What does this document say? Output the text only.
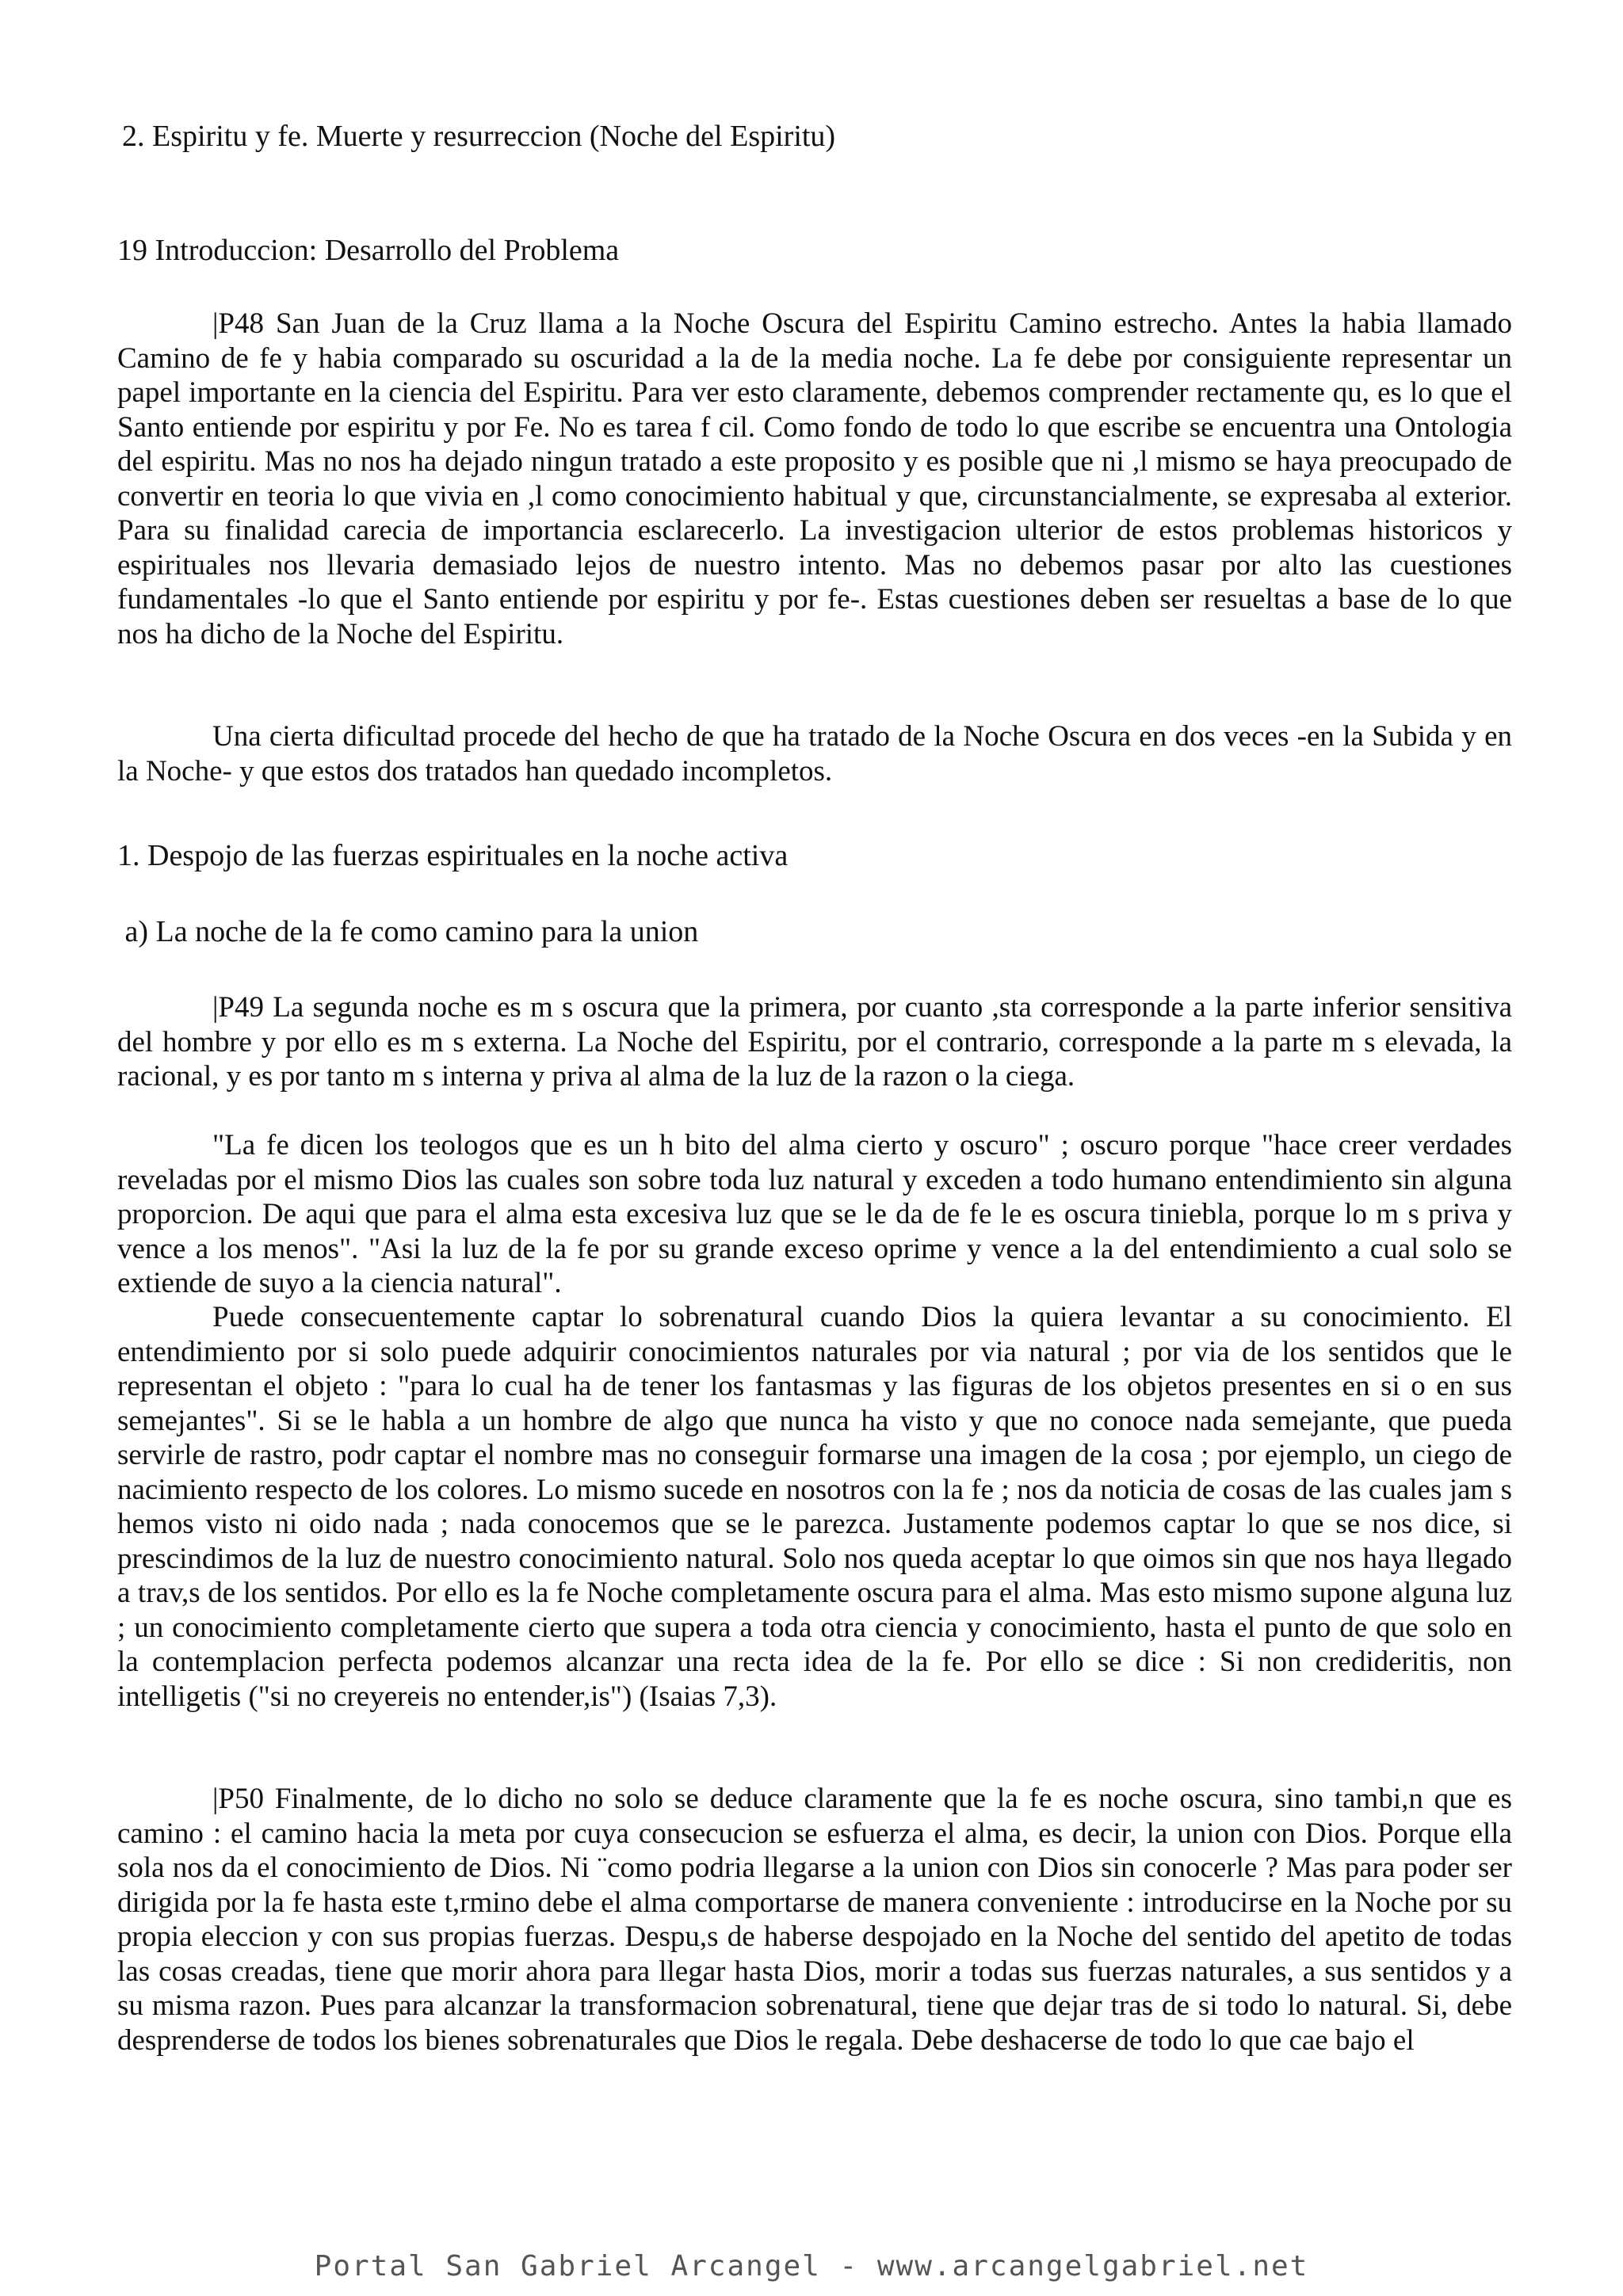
2. Espiritu y fe. Muerte y resurreccion (Noche del Espiritu)
19 Introduccion: Desarrollo del Problema

|P48 San Juan de la Cruz llama a la Noche Oscura del Espiritu Camino estrecho. Antes la habia llamado Camino de fe y habia comparado su oscuridad a la de la media noche. La fe debe por consiguiente representar un papel importante en la ciencia del Espiritu. Para ver esto claramente, debemos comprender rectamente qu, es lo que el Santo entiende por espiritu y por Fe. No es tarea f cil. Como fondo de todo lo que escribe se encuentra una Ontologia del espiritu. Mas no nos ha dejado ningun tratado a este proposito y es posible que ni ,l mismo se haya preocupado de convertir en teoria lo que vivia en ,l como conocimiento habitual y que, circunstancialmente, se expresaba al exterior. Para su finalidad carecia de importancia esclarecerlo. La investigacion ulterior de estos problemas historicos y espirituales nos llevaria demasiado lejos de nuestro intento. Mas no debemos pasar por alto las cuestiones fundamentales -lo que el Santo entiende por espiritu y por fe-. Estas cuestiones deben ser resueltas a base de lo que nos ha dicho de la Noche del Espiritu.

Una cierta dificultad procede del hecho de que ha tratado de la Noche Oscura en dos veces -en la Subida y en la Noche- y que estos dos tratados han quedado incompletos.

1. Despojo de las fuerzas espirituales en la noche activa
a) La noche de la fe como camino para la union

|P49 La segunda noche es m s oscura que la primera, por cuanto ,sta corresponde a la parte inferior sensitiva del hombre y por ello es m s externa. La Noche del Espiritu, por el contrario, corresponde a la parte m s elevada, la racional, y es por tanto m s interna y priva al alma de la luz de la razon o la ciega.

"La fe dicen los teologos que es un h bito del alma cierto y oscuro" ; oscuro porque "hace creer verdades reveladas por el mismo Dios las cuales son sobre toda luz natural y exceden a todo humano entendimiento sin alguna proporcion. De aqui que para el alma esta excesiva luz que se le da de fe le es oscura tiniebla, porque lo m s priva y vence a los menos". "Asi la luz de la fe por su grande exceso oprime y vence a la del entendimiento a cual solo se extiende de suyo a la ciencia natural".

Puede consecuentemente captar lo sobrenatural cuando Dios la quiera levantar a su conocimiento. El entendimiento por si solo puede adquirir conocimientos naturales por via natural ; por via de los sentidos que le representan el objeto : "para lo cual ha de tener los fantasmas y las figuras de los objetos presentes en si o en sus semejantes". Si se le habla a un hombre de algo que nunca ha visto y que no conoce nada semejante, que pueda servirle de rastro, podr captar el nombre mas no conseguir formarse una imagen de la cosa ; por ejemplo, un ciego de nacimiento respecto de los colores. Lo mismo sucede en nosotros con la fe ; nos da noticia de cosas de las cuales jam s hemos visto ni oido nada ; nada conocemos que se le parezca. Justamente podemos captar lo que se nos dice, si prescindimos de la luz de nuestro conocimiento natural. Solo nos queda aceptar lo que oimos sin que nos haya llegado a trav,s de los sentidos. Por ello es la fe Noche completamente oscura para el alma. Mas esto mismo supone alguna luz ; un conocimiento completamente cierto que supera a toda otra ciencia y conocimiento, hasta el punto de que solo en la contemplacion perfecta podemos alcanzar una recta idea de la fe. Por ello se dice : Si non credideritis, non intelligetis ("si no creyereis no entender,is") (Isaias 7,3).

|P50 Finalmente, de lo dicho no solo se deduce claramente que la fe es noche oscura, sino tambi,n que es camino : el camino hacia la meta por cuya consecucion se esfuerza el alma, es decir, la union con Dios. Porque ella sola nos da el conocimiento de Dios. Ni ¨como podria llegarse a la union con Dios sin conocerle ? Mas para poder ser dirigida por la fe hasta este t,rmino debe el alma comportarse de manera conveniente : introducirse en la Noche por su propia eleccion y con sus propias fuerzas. Despu,s de haberse despojado en la Noche del sentido del apetito de todas las cosas creadas, tiene que morir ahora para llegar hasta Dios, morir a todas sus fuerzas naturales, a sus sentidos y a su misma razon. Pues para alcanzar la transformacion sobrenatural, tiene que dejar tras de si todo lo natural. Si, debe desprenderse de todos los bienes sobrenaturales que Dios le regala. Debe deshacerse de todo lo que cae bajo el

Portal San Gabriel Arcangel - www.arcangelgabriel.net
